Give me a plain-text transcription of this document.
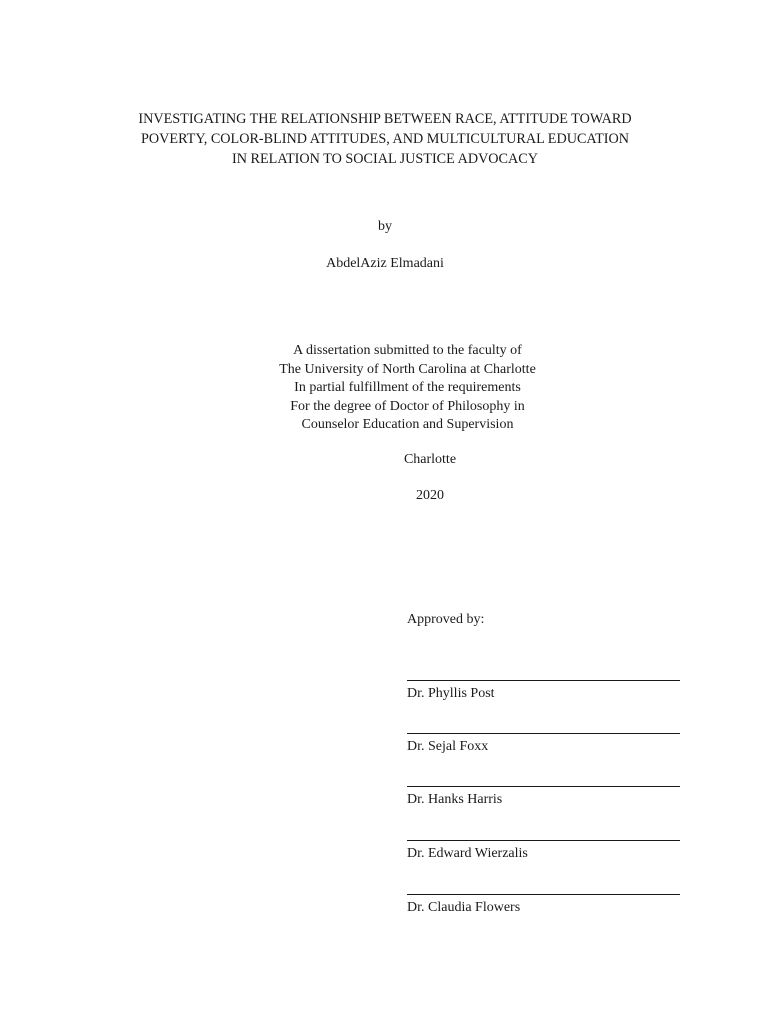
INVESTIGATING THE RELATIONSHIP BETWEEN RACE, ATTITUDE TOWARD
POVERTY, COLOR-BLIND ATTITUDES, AND MULTICULTURAL EDUCATION
IN RELATION TO SOCIAL JUSTICE ADVOCACY
by
AbdelAziz Elmadani
A dissertation submitted to the faculty of
The University of North Carolina at Charlotte
In partial fulfillment of the requirements
For the degree of Doctor of Philosophy in
Counselor Education and Supervision
Charlotte
2020
Approved by:
Dr. Phyllis Post
Dr. Sejal Foxx
Dr. Hanks Harris
Dr. Edward Wierzalis
Dr. Claudia Flowers
